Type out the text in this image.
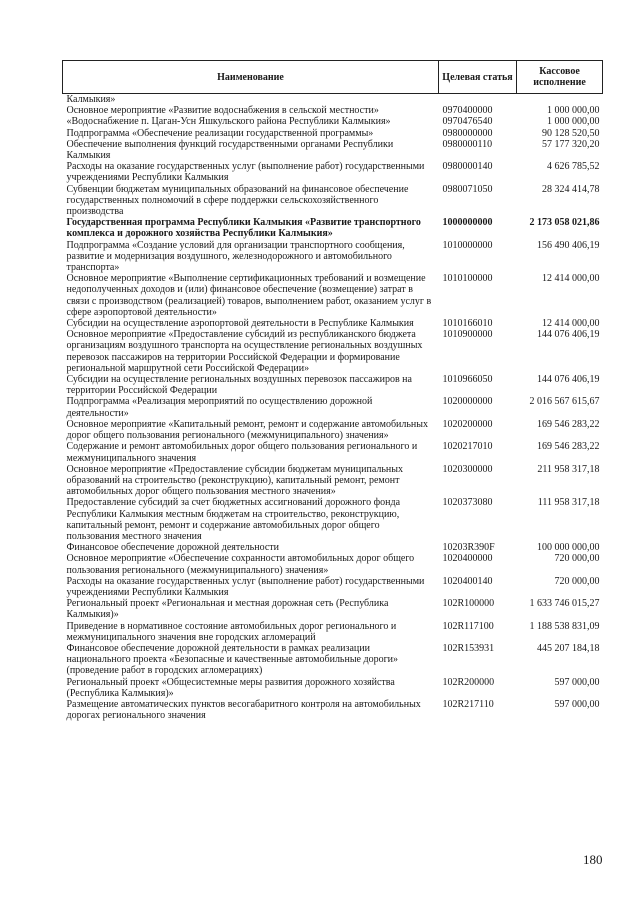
Наименование	Целевая статья	Кассовое исполнение
Калмыкия»		
Основное мероприятие «Развитие водоснабжения в сельской местности»	0970400000	1 000 000,00
«Водоснабжение п. Цаган-Усн Яшкульского района Республики Калмыкия»	0970476540	1 000 000,00
Подпрограмма «Обеспечение реализации государственной программы»	0980000000	90 128 520,50
Обеспечение выполнения функций государственными органами Республики Калмыкия	0980000110	57 177 320,20
Расходы на оказание государственных услуг (выполнение работ) государственными учреждениями Республики Калмыкия	0980000140	4 626 785,52
Субвенции бюджетам муниципальных образований на финансовое обеспечение государственных полномочий в сфере поддержки сельскохозяйственного производства	0980071050	28 324 414,78
Государственная программа Республики Калмыкия «Развитие транспортного комплекса и дорожного хозяйства Республики Калмыкия»	1000000000	2 173 058 021,86
Подпрограмма «Создание условий для организации транспортного сообщения, развитие и модернизация воздушного, железнодорожного и автомобильного транспорта»	1010000000	156 490 406,19
Основное мероприятие «Выполнение сертификационных требований и возмещение недополученных доходов и (или) финансовое обеспечение (возмещение) затрат в связи с производством (реализацией) товаров, выполнением работ, оказанием услуг в сфере аэропортовой деятельности»	1010100000	12 414 000,00
Субсидии на осуществление аэропортовой деятельности в Республике Калмыкия	1010166010	12 414 000,00
Основное мероприятие «Предоставление субсидий из республиканского бюджета организациям воздушного транспорта на осуществление региональных воздушных перевозок пассажиров на территории Российской Федерации и формирование региональной маршрутной сети Российской Федерации»	1010900000	144 076 406,19
Субсидии на осуществление региональных воздушных перевозок пассажиров на территории Российской Федерации	1010966050	144 076 406,19
Подпрограмма «Реализация мероприятий по осуществлению дорожной деятельности»	1020000000	2 016 567 615,67
Основное мероприятие «Капитальный ремонт, ремонт и содержание автомобильных дорог общего пользования регионального (межмуниципального) значения»	1020200000	169 546 283,22
Содержание и ремонт автомобильных дорог общего пользования регионального и межмуниципального значения	1020217010	169 546 283,22
Основное мероприятие «Предоставление субсидии бюджетам муниципальных образований на строительство (реконструкцию), капитальный ремонт, ремонт автомобильных дорог общего пользования местного значения»	1020300000	211 958 317,18
Предоставление субсидий за счет бюджетных ассигнований дорожного фонда Республики Калмыкия местным бюджетам на строительство, реконструкцию, капитальный ремонт, ремонт и содержание автомобильных дорог общего пользования местного значения	1020373080	111 958 317,18
Финансовое обеспечение дорожной деятельности	10203R390F	100 000 000,00
Основное мероприятие «Обеспечение сохранности автомобильных дорог общего пользования регионального (межмуниципального) значения»	1020400000	720 000,00
Расходы на оказание государственных услуг (выполнение работ) государственными учреждениями Республики Калмыкия	1020400140	720 000,00
Региональный проект «Региональная и местная дорожная сеть (Республика Калмыкия)»	102R100000	1 633 746 015,27
Приведение в нормативное состояние автомобильных дорог регионального и межмуниципального значения вне городских агломераций	102R117100	1 188 538 831,09
Финансовое обеспечение дорожной деятельности в рамках реализации национального проекта «Безопасные и качественные автомобильные дороги» (проведение работ в городских агломерациях)	102R153931	445 207 184,18
Региональный проект «Общесистемные меры развития дорожного хозяйства (Республика Калмыкия)»	102R200000	597 000,00
Размещение автоматических пунктов весогабаритного контроля на автомобильных дорогах регионального значения	102R217110	597 000,00
180
